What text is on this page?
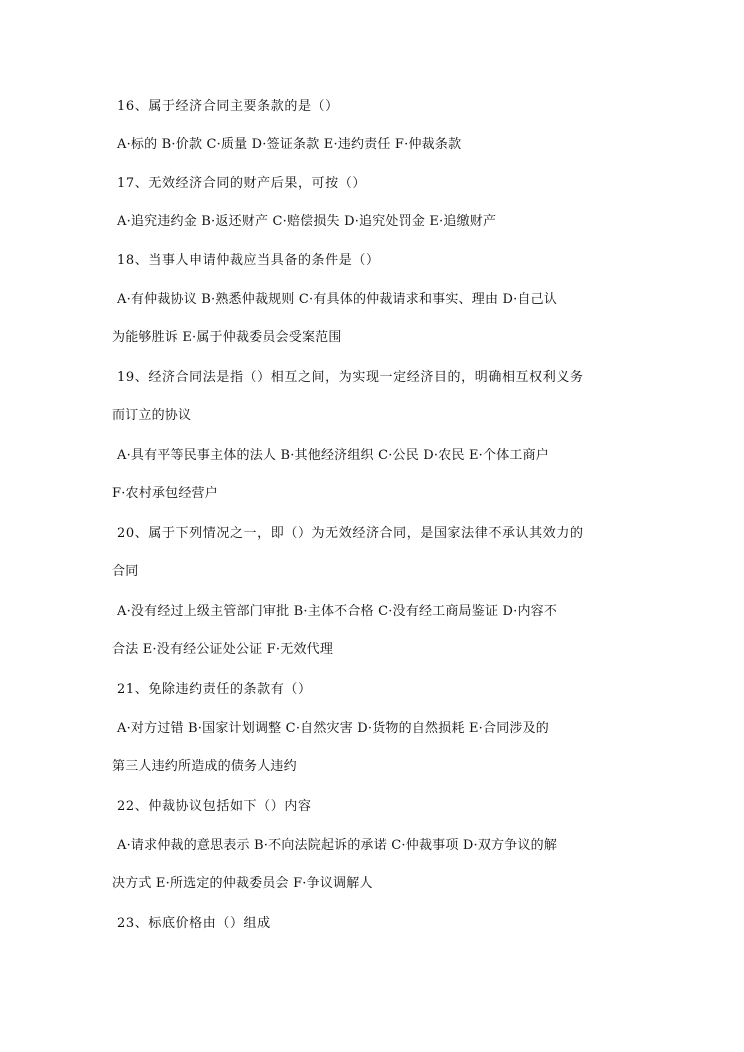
16、属于经济合同主要条款的是（）
A·标的 B·价款 C·质量 D·签证条款 E·违约责任 F·仲裁条款
17、无效经济合同的财产后果，可按（）
A·追究违约金 B·返还财产 C·赔偿损失 D·追究处罚金 E·追缴财产
18、当事人申请仲裁应当具备的条件是（）
A·有仲裁协议 B·熟悉仲裁规则 C·有具体的仲裁请求和事实、理由 D·自己认
为能够胜诉 E·属于仲裁委员会受案范围
19、经济合同法是指（）相互之间，为实现一定经济目的，明确相互权利义务
而订立的协议
A·具有平等民事主体的法人 B·其他经济组织 C·公民 D·农民 E·个体工商户
F·农村承包经营户
20、属于下列情况之一，即（）为无效经济合同，是国家法律不承认其效力的
合同
A·没有经过上级主管部门审批 B·主体不合格 C·没有经工商局鉴证 D·内容不
合法 E·没有经公证处公证 F·无效代理
21、免除违约责任的条款有（）
A·对方过错 B·国家计划调整 C·自然灾害 D·货物的自然损耗 E·合同涉及的
第三人违约所造成的债务人违约
22、仲裁协议包括如下（）内容
A·请求仲裁的意思表示 B·不向法院起诉的承诺 C·仲裁事项 D·双方争议的解
决方式 E·所选定的仲裁委员会 F·争议调解人
23、标底价格由（）组成
